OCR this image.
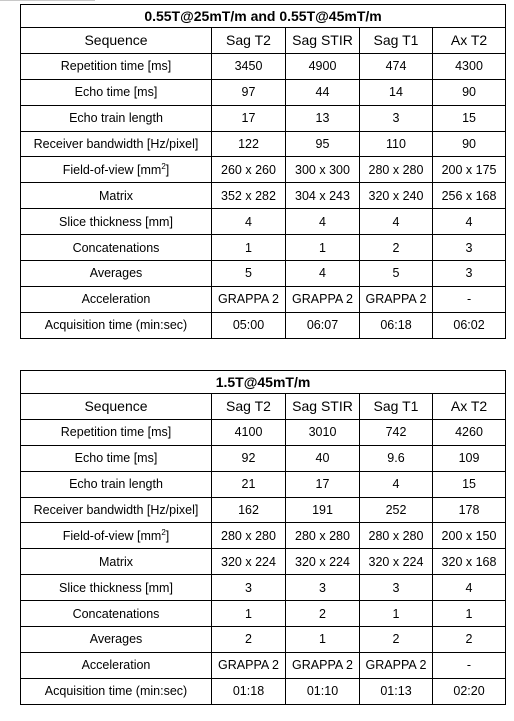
0.55T@25mT/m and 0.55T@45mT/m				
Sequence	Sag T2	Sag STIR	Sag T1	Ax T2
Repetition time [ms]	3450	4900	474	4300
Echo time [ms]	97	44	14	90
Echo train length	17	13	3	15
Receiver bandwidth [Hz/pixel]	122	95	110	90
Field-of-view $[mm^2]$	260 x 260	300 x 300	280 x 280	200 x 175
Matrix	352 x 282	304 x 243	320 x 240	256 x 168
Slice thickness [mm]	4	4	4	4
Concatenations	1	1	2	3
Averages	5	4	5	3
Acceleration	GRAPPA 2	GRAPPA 2	GRAPPA 2	-
Acquisition time (min:sec)	05:00	06:07	06:18	06:02
1.5T@45mT/m				
Sequence	Sag T2	Sag STIR	Sag T1	Ax T2
Repetition time [ms]	4100	3010	742	4260
Echo time [ms]	92	40	9.6	109
Echo train length	21	17	4	15
Receiver bandwidth [Hz/pixel]	162	191	252	178
Field-of-view $[mm^2]$	280 x 280	280 x 280	280 x 280	200 x 150
Matrix	320 x 224	320 x 224	320 x 224	320 x 168
Slice thickness [mm]	3	3	3	4
Concatenations	1	2	1	1
Averages	2	1	2	2
Acceleration	GRAPPA 2	GRAPPA 2	GRAPPA 2	-
Acquisition time (min:sec)	01:18	01:10	01:13	02:20
